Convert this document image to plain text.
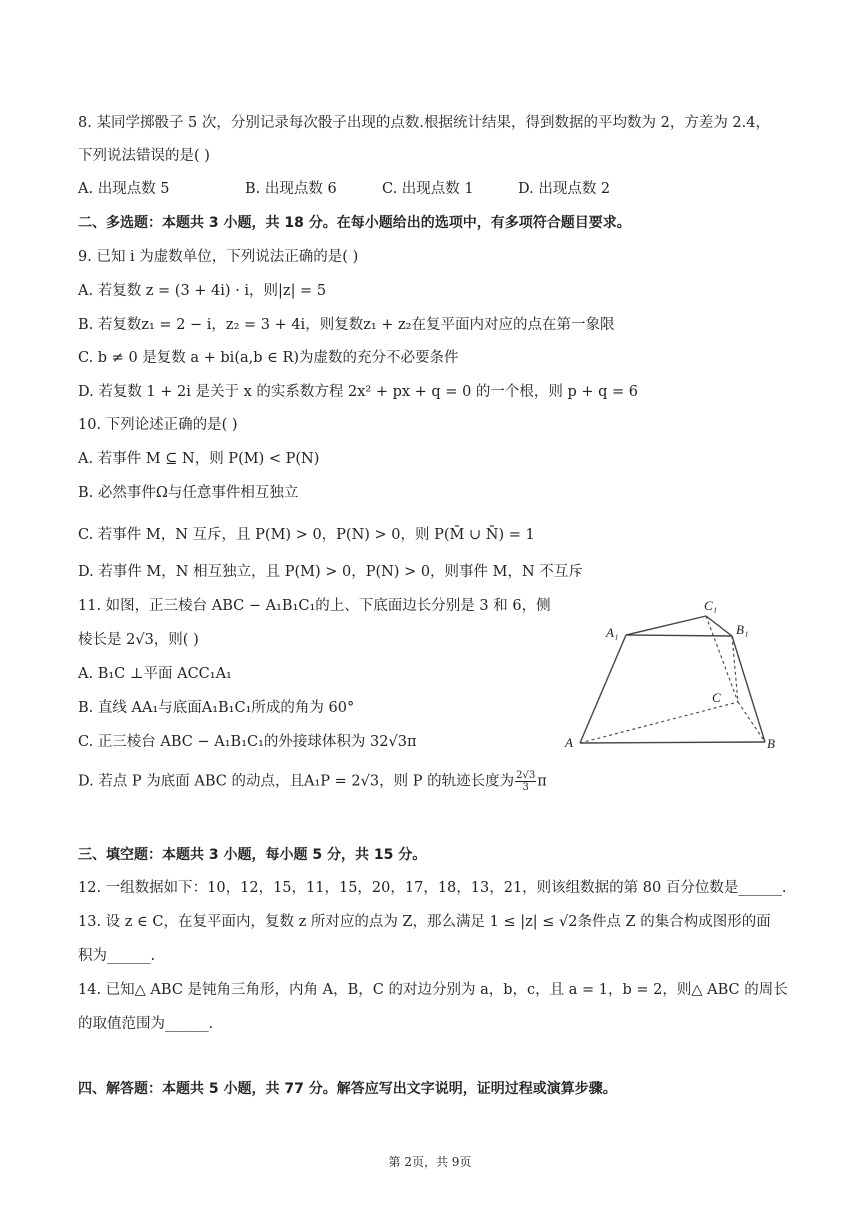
8. 某同学掷骰子 5 次，分别记录每次骰子出现的点数.根据统计结果，得到数据的平均数为 2，方差为 2.4，
下列说法错误的是( )
A. 出现点数 5	B. 出现点数 6	C. 出现点数 1	D. 出现点数 2
二、多选题：本题共 3 小题，共 18 分。在每小题给出的选项中，有多项符合题目要求。
9. 已知 i 为虚数单位，下列说法正确的是( )
A. 若复数 z = (3 + 4i) · i，则|z| = 5
B. 若复数z₁ = 2 − i，z₂ = 3 + 4i，则复数z₁ + z₂在复平面内对应的点在第一象限
C. b ≠ 0 是复数 a + bi(a,b ∈ R)为虚数的充分不必要条件
D. 若复数 1 + 2i 是关于 x 的实系数方程 2x² + px + q = 0 的一个根，则 p + q = 6
10. 下列论述正确的是( )
A. 若事件 M ⊆ N，则 P(M) < P(N)
B. 必然事件Ω与任意事件相互独立
C. 若事件 M，N 互斥，且 P(M) > 0，P(N) > 0，则 P(M̄ ∪ N̄) = 1
D. 若事件 M，N 相互独立，且 P(M) > 0，P(N) > 0，则事件 M，N 不互斥
11. 如图，正三棱台 ABC − A₁B₁C₁的上、下底面边长分别是 3 和 6，侧
棱长是 2√3，则( )
A. B₁C ⊥平面 ACC₁A₁
B. 直线 AA₁与底面A₁B₁C₁所成的角为 60°
C. 正三棱台 ABC − A₁B₁C₁的外接球体积为 32√3π
D. 若点 P 为底面 ABC 的动点，且A₁P = 2√3，则 P 的轨迹长度为 $\frac{2√3}{3}$ π
C₁
A₁	B₁
C
A	B
三、填空题：本题共 3 小题，每小题 5 分，共 15 分。
12. 一组数据如下：10，12，15，11，15，20，17，18，13，21，则该组数据的第 80 百分位数是______.
13. 设 z ∈ C，在复平面内，复数 z 所对应的点为 Z，那么满足 1 ≤ |z| ≤ √2条件点 Z 的集合构成图形的面
积为______.
14. 已知△ ABC 是钝角三角形，内角 A，B，C 的对边分别为 a，b，c，且 a = 1，b = 2，则△ ABC 的周长
的取值范围为______.
四、解答题：本题共 5 小题，共 77 分。解答应写出文字说明，证明过程或演算步骤。
第 2页，共 9页
